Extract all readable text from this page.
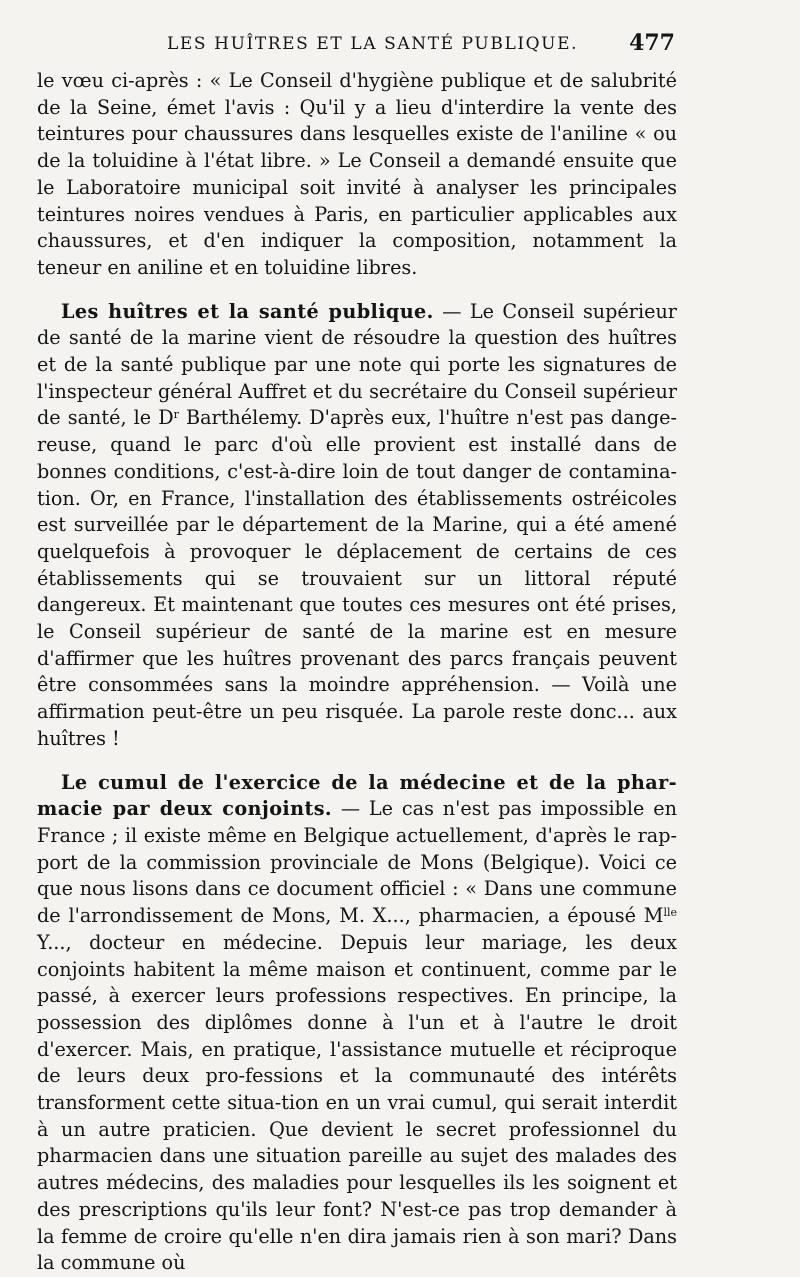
LES HUÎTRES ET LA SANTÉ PUBLIQUE. 477

le vœu ci-après : « Le Conseil d'hygiène publique et de salubrité de la Seine, émet l'avis : Qu'il y a lieu d'interdire la vente des teintures pour chaussures dans lesquelles existe de l'aniline « ou de la toluidine à l'état libre. » Le Conseil a demandé ensuite que le Laboratoire municipal soit invité à analyser les principales teintures noires vendues à Paris, en particulier applicables aux chaussures, et d'en indiquer la composition, notamment la teneur en aniline et en toluidine libres.

Les huîtres et la santé publique. — Le Conseil supérieur de santé de la marine vient de résoudre la question des huîtres et de la santé publique par une note qui porte les signatures de l'inspecteur général Auffret et du secrétaire du Conseil supérieur de santé, le $D^r$ Barthélemy. D'après eux, l'huître n'est pas dange-reuse, quand le parc d'où elle provient est installé dans de bonnes conditions, c'est-à-dire loin de tout danger de contamina-tion. Or, en France, l'installation des établissements ostréicoles est surveillée par le département de la Marine, qui a été amené quelquefois à provoquer le déplacement de certains de ces établissements qui se trouvaient sur un littoral réputé dangereux. Et maintenant que toutes ces mesures ont été prises, le Conseil supérieur de santé de la marine est en mesure d'affirmer que les huîtres provenant des parcs français peuvent être consommées sans la moindre appréhension. — Voilà une affirmation peut-être un peu risquée. La parole reste donc... aux huîtres !

Le cumul de l'exercice de la médecine et de la phar-macie par deux conjoints. — Le cas n'est pas impossible en France ; il existe même en Belgique actuellement, d'après le rap-port de la commission provinciale de Mons (Belgique). Voici ce que nous lisons dans ce document officiel : « Dans une commune de l'arrondissement de Mons, M. X..., pharmacien, a épousé $M^{lle}$ Y..., docteur en médecine. Depuis leur mariage, les deux conjoints habitent la même maison et continuent, comme par le passé, à exercer leurs professions respectives. En principe, la possession des diplômes donne à l'un et à l'autre le droit d'exercer. Mais, en pratique, l'assistance mutuelle et réciproque de leurs deux pro-fessions et la communauté des intérêts transforment cette situa-tion en un vrai cumul, qui serait interdit à un autre praticien. Que devient le secret professionnel du pharmacien dans une situation pareille au sujet des malades des autres médecins, des maladies pour lesquelles ils les soignent et des prescriptions qu'ils leur font? N'est-ce pas trop demander à la femme de croire qu'elle n'en dira jamais rien à son mari? Dans la commune où
